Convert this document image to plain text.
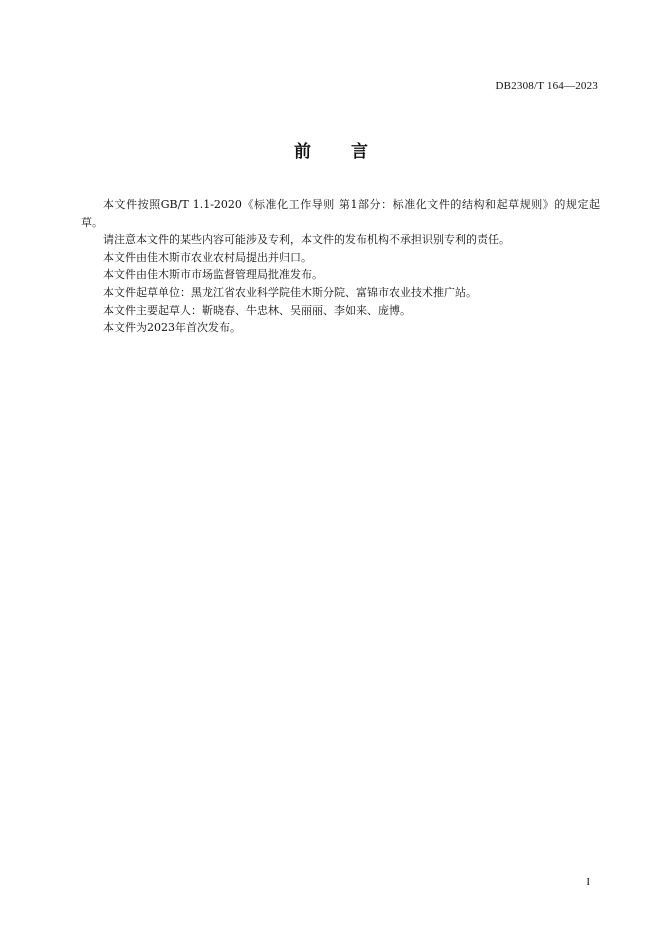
DB2308/T 164—2023
前 言

本文件按照GB/T 1.1-2020《标准化工作导则 第1部分：标准化文件的结构和起草规则》的规定起草。

请注意本文件的某些内容可能涉及专利，本文件的发布机构不承担识别专利的责任。

本文件由佳木斯市农业农村局提出并归口。

本文件由佳木斯市市场监督管理局批准发布。

本文件起草单位：黑龙江省农业科学院佳木斯分院、富锦市农业技术推广站。

本文件主要起草人：靳晓春、牛忠林、吴丽丽、李如来、庞博。

本文件为2023年首次发布。

I
